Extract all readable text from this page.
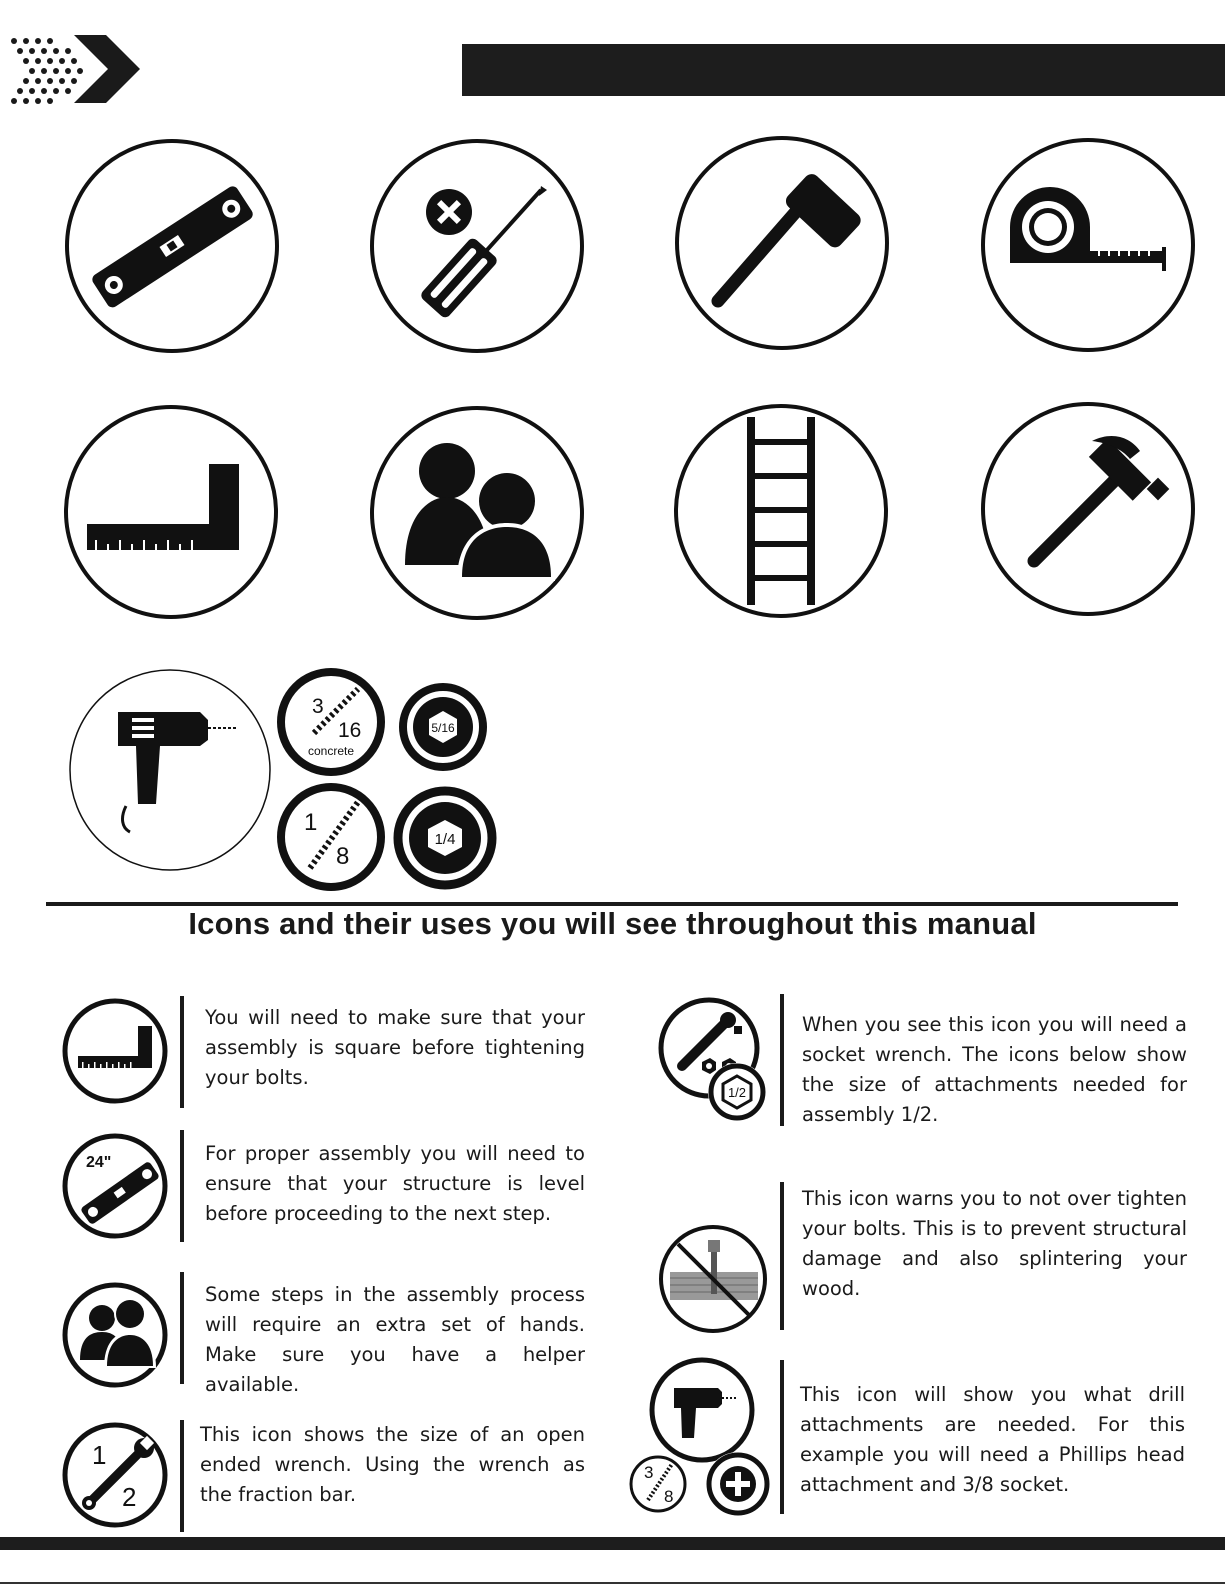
3
16
concrete
1
8
5/16
1/4
Icons and their uses you will see throughout this manual
You will need to make sure that your assembly is square before tightening your bolts.
24"	For proper assembly you will need to ensure that your structure is level before proceeding to the next step.
Some steps in the assembly process will require an extra set of hands. Make sure you have a helper available.
1
2
This icon shows the size of an open ended wrench. Using the wrench as the fraction bar.
1/2
When you see this icon you will need a socket wrench. The icons below show the size of attachments needed for assembly 1/2.
This icon warns you to not over tighten your bolts. This is to prevent structural damage and also splintering your wood.
3
8
This icon will show you what drill attachments are needed. For this example you will need a Phillips head attachment and 3/8 socket.
